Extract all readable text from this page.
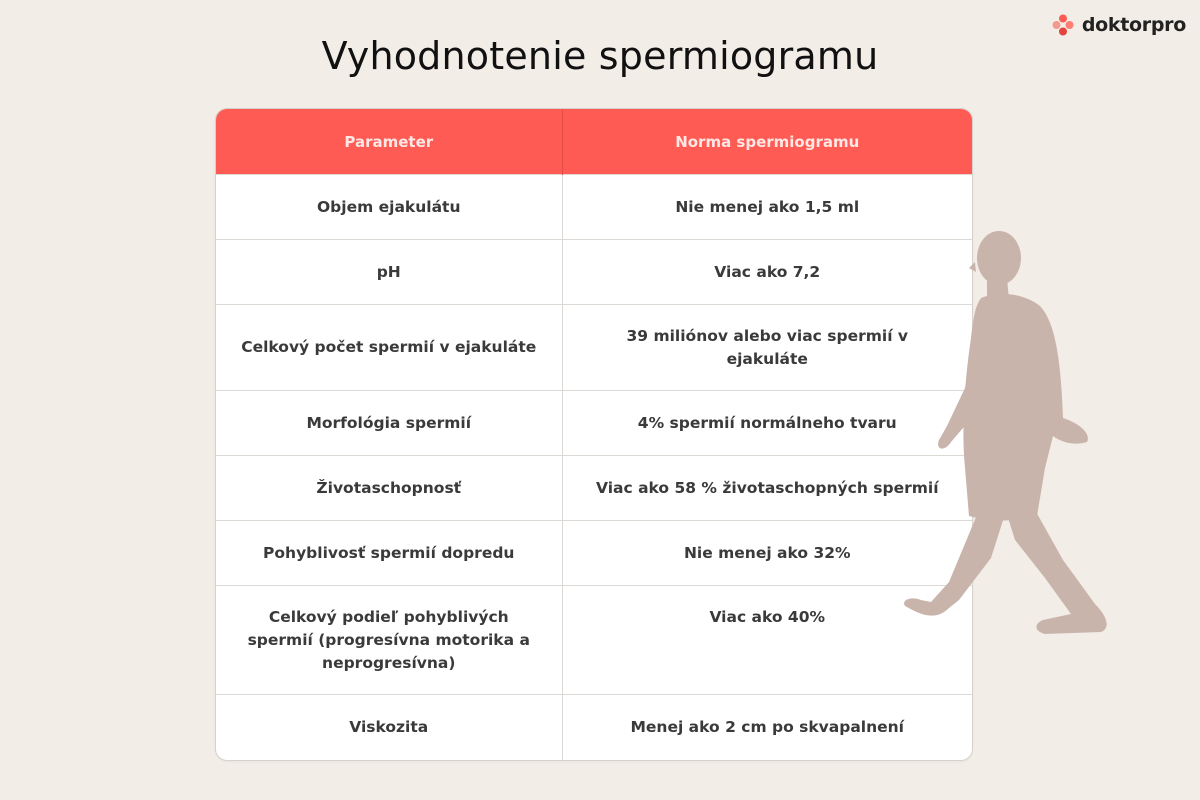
doktorpro
Vyhodnotenie spermiogramu
Parameter	Norma spermiogramu
Objem ejakulátu	Nie menej ako 1,5 ml
pH	Viac ako 7,2
Celkový počet spermií v ejakuláte	39 miliónov alebo viac spermií v ejakuláte
Morfológia spermií	4% spermií normálneho tvaru
Životaschopnosť	Viac ako 58 % životaschopných spermií
Pohyblivosť spermií dopredu	Nie menej ako 32%
Celkový podieľ pohyblivých spermií (progresívna motorika a neprogresívna)	Viac ako 40%
Viskozita	Menej ako 2 cm po skvapalnení
